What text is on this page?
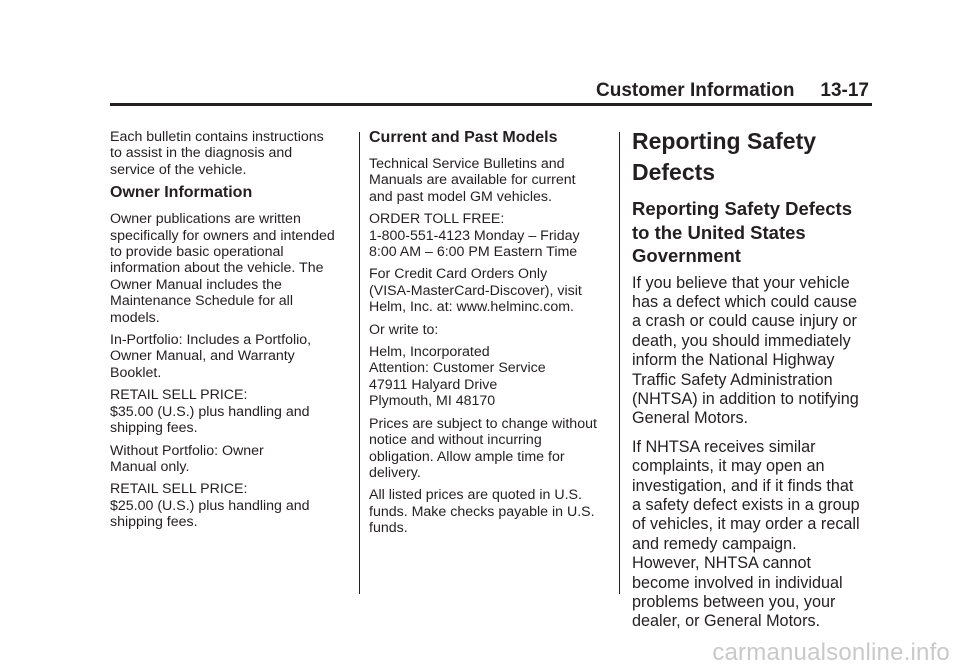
Customer Information 13-17

Each bulletin contains instructions
to assist in the diagnosis and
service of the vehicle.

Owner Information

Owner publications are written
specifically for owners and intended
to provide basic operational
information about the vehicle. The
Owner Manual includes the
Maintenance Schedule for all
models.

In-Portfolio: Includes a Portfolio,
Owner Manual, and Warranty
Booklet.

RETAIL SELL PRICE:
$35.00 (U.S.) plus handling and
shipping fees.

Without Portfolio: Owner
Manual only.

RETAIL SELL PRICE:
$25.00 (U.S.) plus handling and
shipping fees.

Current and Past Models

Technical Service Bulletins and
Manuals are available for current
and past model GM vehicles.

ORDER TOLL FREE:
1-800-551-4123 Monday – Friday
8:00 AM – 6:00 PM Eastern Time

For Credit Card Orders Only
(VISA-MasterCard-Discover), visit
Helm, Inc. at: www.helminc.com.

Or write to:

Helm, Incorporated
Attention: Customer Service
47911 Halyard Drive
Plymouth, MI 48170

Prices are subject to change without
notice and without incurring
obligation. Allow ample time for
delivery.

All listed prices are quoted in U.S.
funds. Make checks payable in U.S.
funds.

Reporting Safety
Defects
Reporting Safety Defects
to the United States
Government

If you believe that your vehicle
has a defect which could cause
a crash or could cause injury or
death, you should immediately
inform the National Highway
Traffic Safety Administration
(NHTSA) in addition to notifying
General Motors.

If NHTSA receives similar
complaints, it may open an
investigation, and if it finds that
a safety defect exists in a group
of vehicles, it may order a recall
and remedy campaign.
However, NHTSA cannot
become involved in individual
problems between you, your
dealer, or General Motors.

carmanualsonline.info
